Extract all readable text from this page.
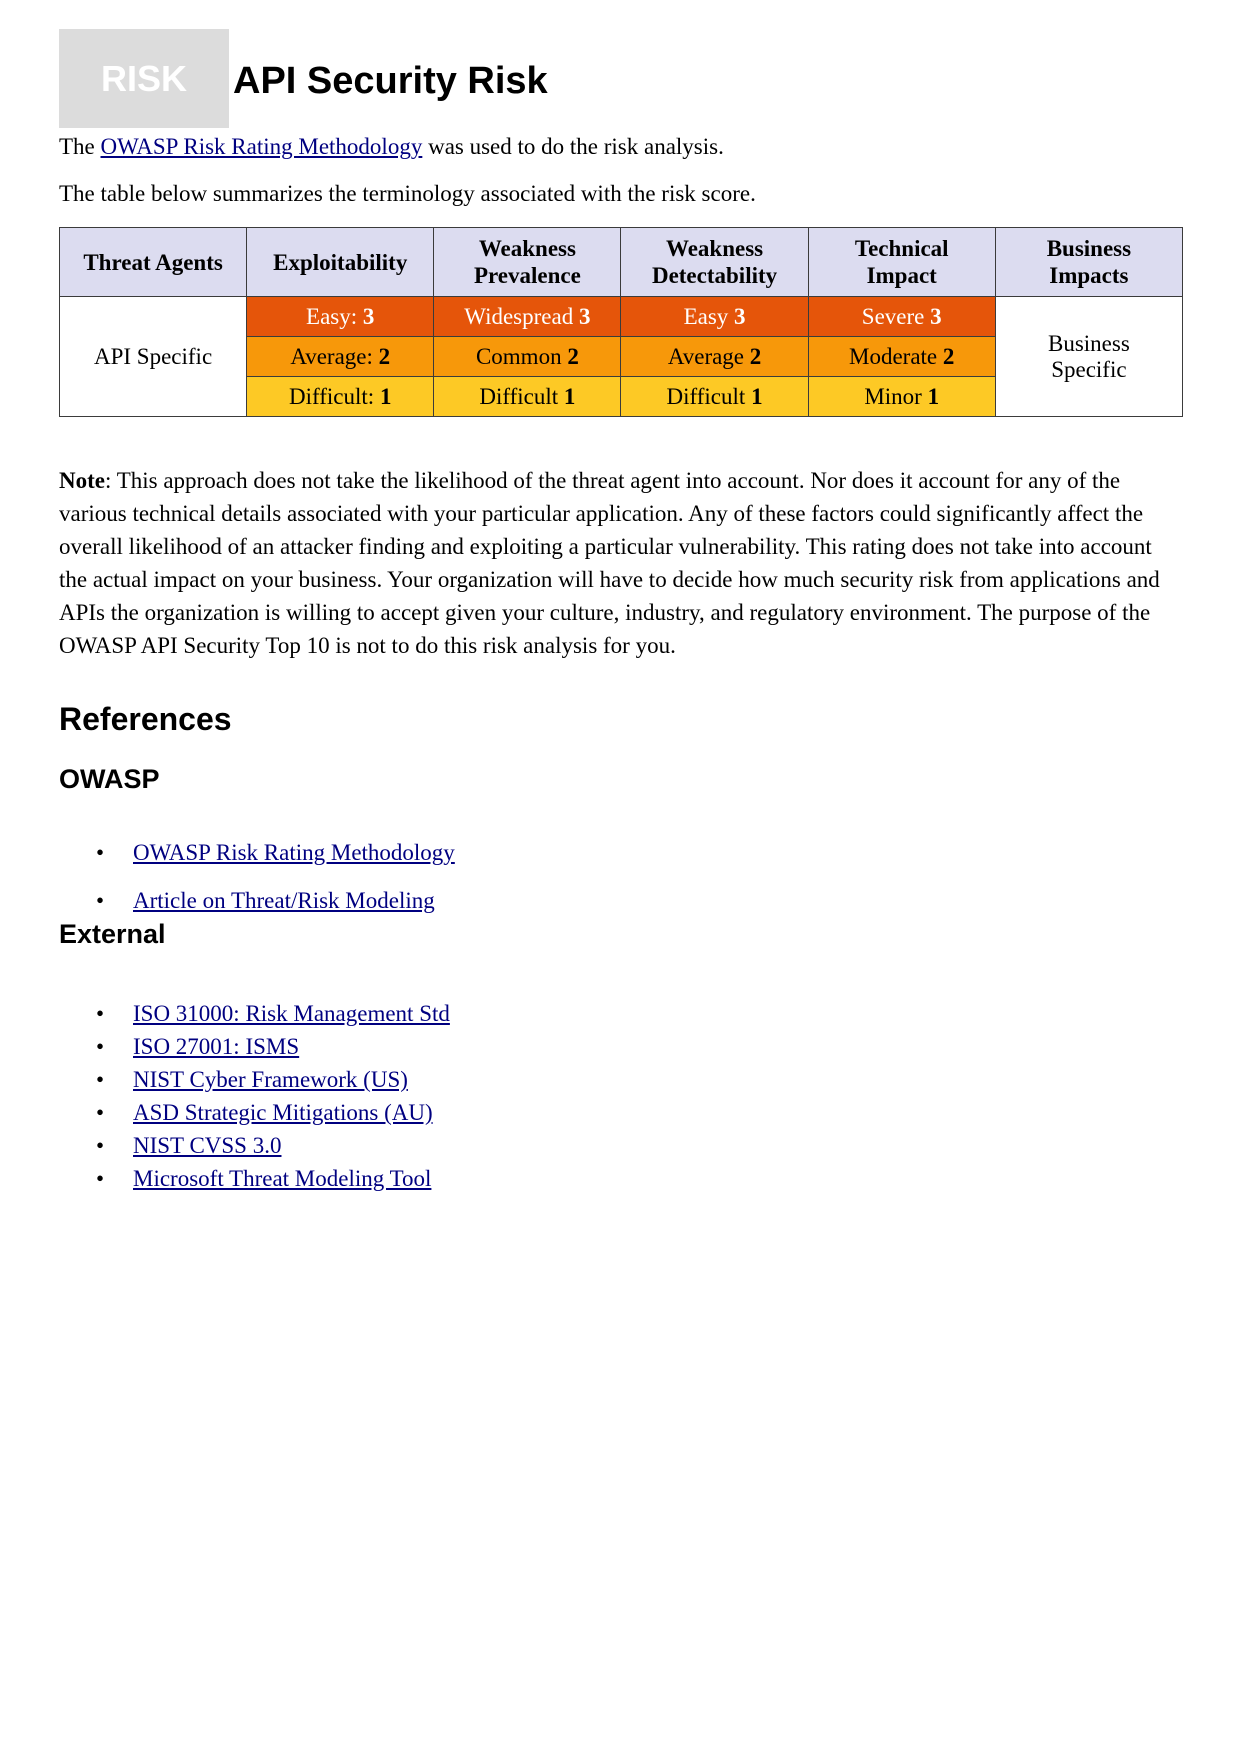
RISK	API Security Risk

The OWASP Risk Rating Methodology was used to do the risk analysis.

The table below summarizes the terminology associated with the risk score.

Threat Agents	Exploitability	Weakness Prevalence	Weakness Detectability	Technical Impact	Business Impacts
API Specific	Easy: 3	Widespread 3	Easy 3	Severe 3	Business Specific
	Average: 2	Common 2	Average 2	Moderate 2	
	Difficult: 1	Difficult 1	Difficult 1	Minor 1	

Note: This approach does not take the likelihood of the threat agent into account. Nor does it account for any of the various technical details associated with your particular application. Any of these factors could significantly affect the overall likelihood of an attacker finding and exploiting a particular vulnerability. This rating does not take into account the actual impact on your business. Your organization will have to decide how much security risk from applications and APIs the organization is willing to accept given your culture, industry, and regulatory environment. The purpose of the OWASP API Security Top 10 is not to do this risk analysis for you.

References
OWASP
• OWASP Risk Rating Methodology
• Article on Threat/Risk Modeling
External
• ISO 31000: Risk Management Std
• ISO 27001: ISMS
• NIST Cyber Framework (US)
• ASD Strategic Mitigations (AU)
• NIST CVSS 3.0
• Microsoft Threat Modeling Tool
